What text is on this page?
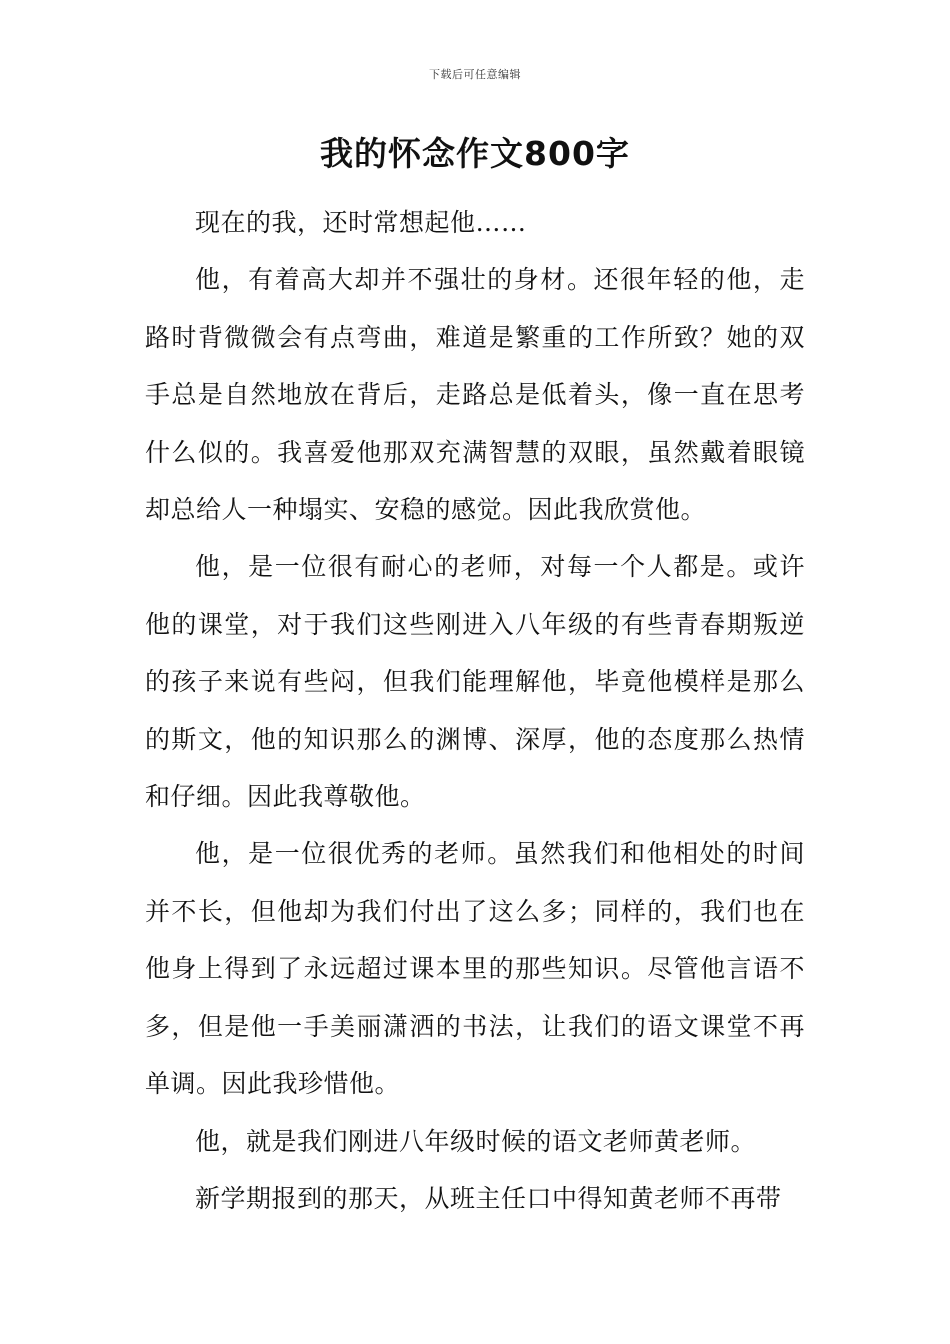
下载后可任意编辑
我的怀念作文800字

现在的我，还时常想起他……

他，有着高大却并不强壮的身材。还很年轻的他，走路时背微微会有点弯曲，难道是繁重的工作所致？她的双手总是自然地放在背后，走路总是低着头，像一直在思考什么似的。我喜爱他那双充满智慧的双眼，虽然戴着眼镜却总给人一种塌实、安稳的感觉。因此我欣赏他。

他，是一位很有耐心的老师，对每一个人都是。或许他的课堂，对于我们这些刚进入八年级的有些青春期叛逆的孩子来说有些闷，但我们能理解他，毕竟他模样是那么的斯文，他的知识那么的渊博、深厚，他的态度那么热情和仔细。因此我尊敬他。

他，是一位很优秀的老师。虽然我们和他相处的时间并不长，但他却为我们付出了这么多；同样的，我们也在他身上得到了永远超过课本里的那些知识。尽管他言语不多，但是他一手美丽潇洒的书法，让我们的语文课堂不再单调。因此我珍惜他。

他，就是我们刚进八年级时候的语文老师黄老师。

新学期报到的那天，从班主任口中得知黄老师不再带
